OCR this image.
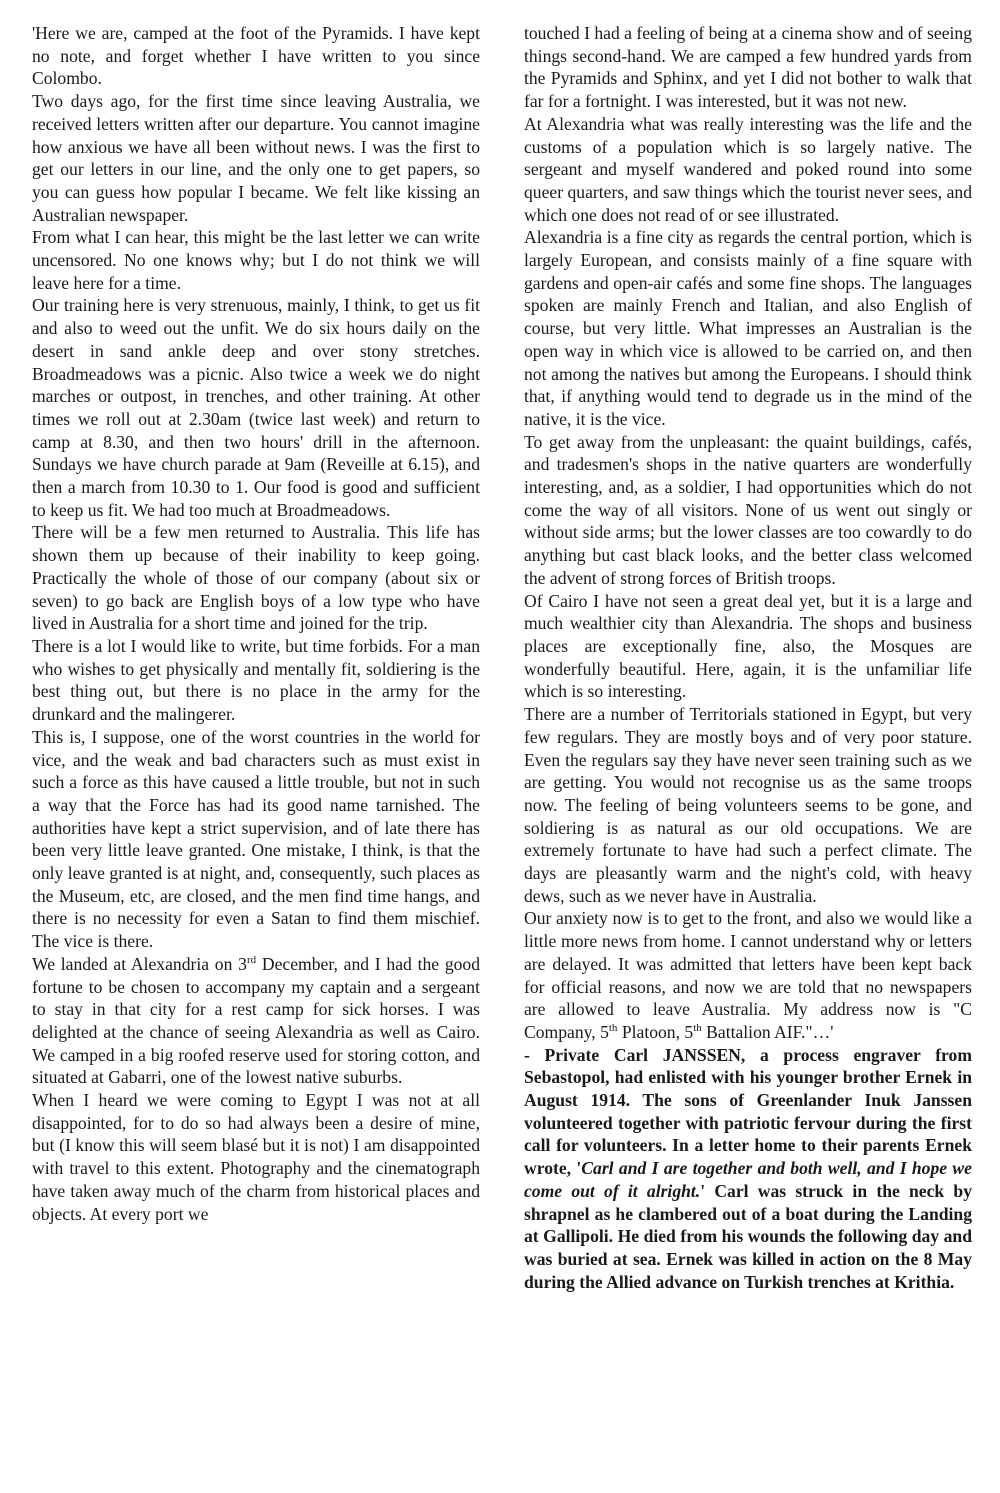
'Here we are, camped at the foot of the Pyramids. I have kept no note, and forget whether I have written to you since Colombo.

Two days ago, for the first time since leaving Australia, we received letters written after our departure. You cannot imagine how anxious we have all been without news. I was the first to get our letters in our line, and the only one to get papers, so you can guess how popular I became. We felt like kissing an Australian newspaper.

From what I can hear, this might be the last letter we can write uncensored. No one knows why; but I do not think we will leave here for a time.

Our training here is very strenuous, mainly, I think, to get us fit and also to weed out the unfit. We do six hours daily on the desert in sand ankle deep and over stony stretches. Broadmeadows was a picnic. Also twice a week we do night marches or outpost, in trenches, and other training. At other times we roll out at 2.30am (twice last week) and return to camp at 8.30, and then two hours' drill in the afternoon. Sundays we have church parade at 9am (Reveille at 6.15), and then a march from 10.30 to 1. Our food is good and sufficient to keep us fit. We had too much at Broadmeadows.

There will be a few men returned to Australia. This life has shown them up because of their inability to keep going. Practically the whole of those of our company (about six or seven) to go back are English boys of a low type who have lived in Australia for a short time and joined for the trip.

There is a lot I would like to write, but time forbids. For a man who wishes to get physically and mentally fit, soldiering is the best thing out, but there is no place in the army for the drunkard and the malingerer.

This is, I suppose, one of the worst countries in the world for vice, and the weak and bad characters such as must exist in such a force as this have caused a little trouble, but not in such a way that the Force has had its good name tarnished. The authorities have kept a strict supervision, and of late there has been very little leave granted. One mistake, I think, is that the only leave granted is at night, and, consequently, such places as the Museum, etc, are closed, and the men find time hangs, and there is no necessity for even a Satan to find them mischief. The vice is there.

We landed at Alexandria on 3rd December, and I had the good fortune to be chosen to accompany my captain and a sergeant to stay in that city for a rest camp for sick horses. I was delighted at the chance of seeing Alexandria as well as Cairo. We camped in a big roofed reserve used for storing cotton, and situated at Gabarri, one of the lowest native suburbs.

When I heard we were coming to Egypt I was not at all disappointed, for to do so had always been a desire of mine, but (I know this will seem blasé but it is not) I am disappointed with travel to this extent. Photography and the cinematograph have taken away much of the charm from historical places and objects. At every port we

touched I had a feeling of being at a cinema show and of seeing things second-hand. We are camped a few hundred yards from the Pyramids and Sphinx, and yet I did not bother to walk that far for a fortnight. I was interested, but it was not new.

At Alexandria what was really interesting was the life and the customs of a population which is so largely native. The sergeant and myself wandered and poked round into some queer quarters, and saw things which the tourist never sees, and which one does not read of or see illustrated.

Alexandria is a fine city as regards the central portion, which is largely European, and consists mainly of a fine square with gardens and open-air cafés and some fine shops. The languages spoken are mainly French and Italian, and also English of course, but very little. What impresses an Australian is the open way in which vice is allowed to be carried on, and then not among the natives but among the Europeans. I should think that, if anything would tend to degrade us in the mind of the native, it is the vice.

To get away from the unpleasant: the quaint buildings, cafés, and tradesmen's shops in the native quarters are wonderfully interesting, and, as a soldier, I had opportunities which do not come the way of all visitors. None of us went out singly or without side arms; but the lower classes are too cowardly to do anything but cast black looks, and the better class welcomed the advent of strong forces of British troops.

Of Cairo I have not seen a great deal yet, but it is a large and much wealthier city than Alexandria. The shops and business places are exceptionally fine, also, the Mosques are wonderfully beautiful. Here, again, it is the unfamiliar life which is so interesting.

There are a number of Territorials stationed in Egypt, but very few regulars. They are mostly boys and of very poor stature. Even the regulars say they have never seen training such as we are getting. You would not recognise us as the same troops now. The feeling of being volunteers seems to be gone, and soldiering is as natural as our old occupations. We are extremely fortunate to have had such a perfect climate. The days are pleasantly warm and the night's cold, with heavy dews, such as we never have in Australia.

Our anxiety now is to get to the front, and also we would like a little more news from home. I cannot understand why or letters are delayed. It was admitted that letters have been kept back for official reasons, and now we are told that no newspapers are allowed to leave Australia. My address now is "C Company, 5th Platoon, 5th Battalion AIF."…'

- Private Carl JANSSEN, a process engraver from Sebastopol, had enlisted with his younger brother Ernek in August 1914. The sons of Greenlander Inuk Janssen volunteered together with patriotic fervour during the first call for volunteers. In a letter home to their parents Ernek wrote, 'Carl and I are together and both well, and I hope we come out of it alright.' Carl was struck in the neck by shrapnel as he clambered out of a boat during the Landing at Gallipoli. He died from his wounds the following day and was buried at sea. Ernek was killed in action on the 8 May during the Allied advance on Turkish trenches at Krithia.
